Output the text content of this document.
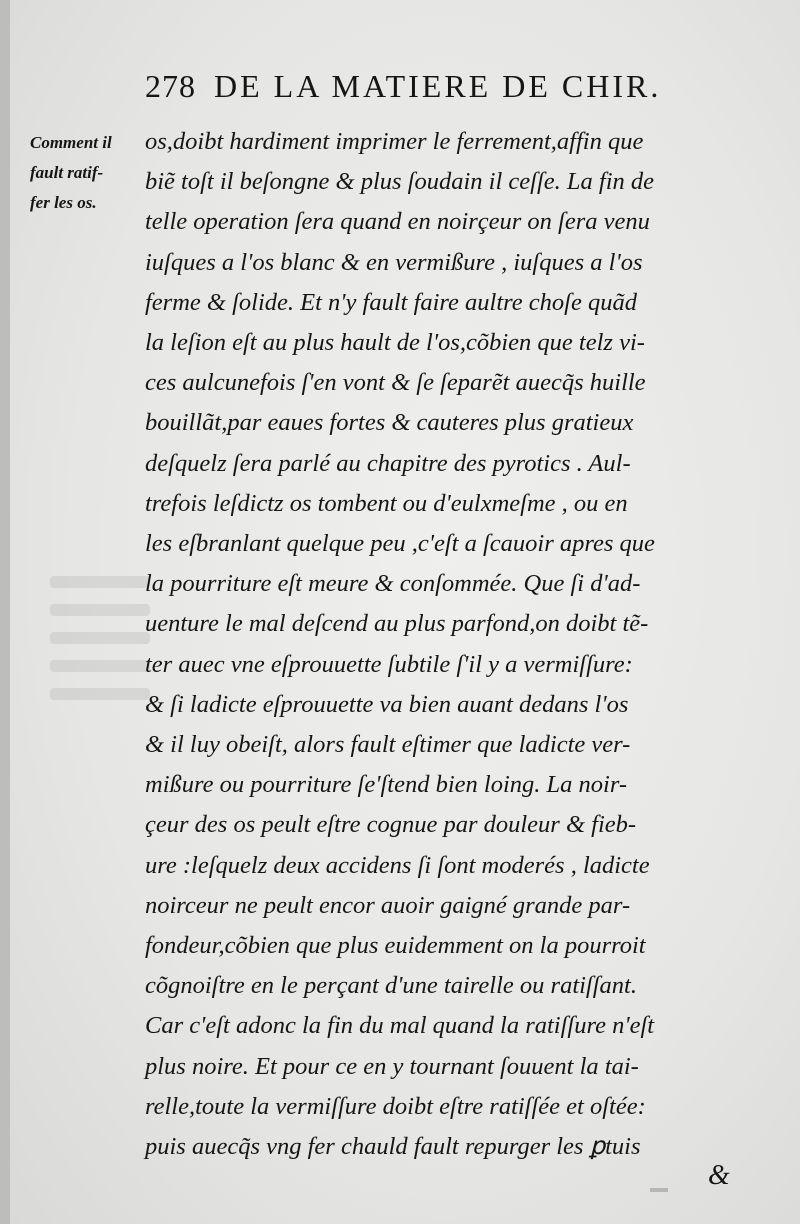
278 DE LA MATIERE DE CHIR.
Comment il
fault ratif-
fer les os.
os,doibt hardiment imprimer le ferrement,affin que
biẽ toſt il beſongne & plus ſoudain il ceſſe. La fin de
telle operation ſera quand en noirçeur on ſera venu
iuſques a l'os blanc & en vermißure , iuſques a l'os
ferme & ſolide. Et n'y fault faire aultre choſe quãd
la leſion eſt au plus hault de l'os,cõbien que telz vi-
ces aulcunefois ſ'en vont & ſe ſeparẽt auecq̃s huille
bouillãt,par eaues fortes & cauteres plus gratieux
deſquelz ſera parlé au chapitre des pyrotics . Aul-
trefois leſdictz os tombent ou d'eulxmeſme , ou en
les eſbranlant quelque peu ,c'eſt a ſcauoir apres que
la pourriture eſt meure & conſommée. Que ſi d'ad-
uenture le mal deſcend au plus parfond,on doibt tẽ-
ter auec vne eſprouuette ſubtile ſ'il y a vermiſſure:
& ſi ladicte eſprouuette va bien auant dedans l'os
& il luy obeiſt, alors fault eſtimer que ladicte ver-
mißure ou pourriture ſe'ſtend bien loing. La noir-
çeur des os peult eſtre cognue par douleur & fieb-
ure :leſquelz deux accidens ſi ſont moderés , ladicte
noirceur ne peult encor auoir gaigné grande par-
fondeur,cõbien que plus euidemment on la pourroit
cõgnoiſtre en le perçant d'une tairelle ou ratiſſant.
Car c'eſt adonc la fin du mal quand la ratiſſure n'eſt
plus noire. Et pour ce en y tournant ſouuent la tai-
relle,toute la vermiſſure doibt eſtre ratiſſée et oſtée:
puis auecq̃s vng fer chauld fault repurger les ꝑtuis
&
